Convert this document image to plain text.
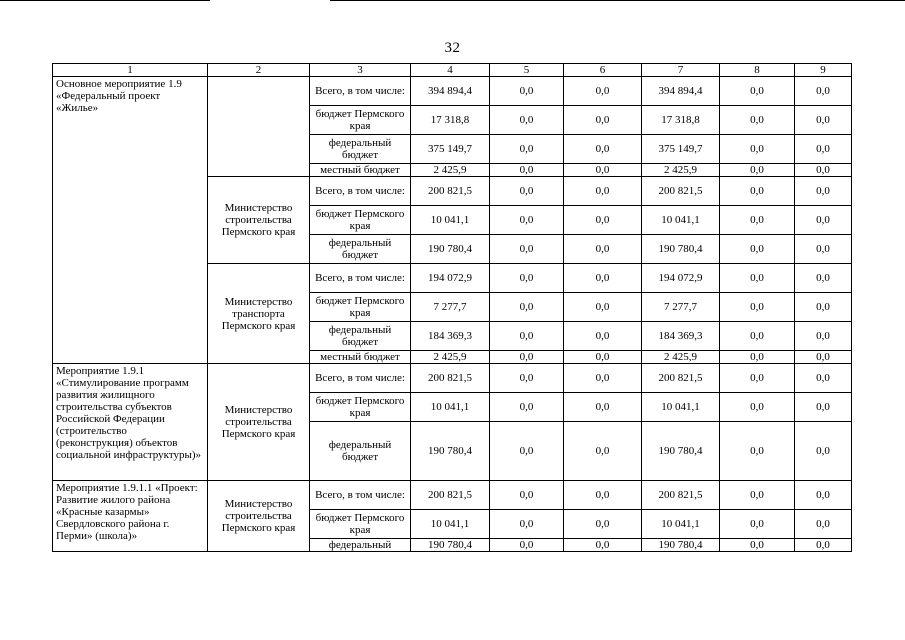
32
1	2	3	4	5	6	7	8	9
Основное мероприятие 1.9 «Федеральный проект «Жилье»		Всего, в том числе:	394 894,4	0,0	0,0	394 894,4	0,0	0,0
		бюджет Пермского края	17 318,8	0,0	0,0	17 318,8	0,0	0,0
		федеральный бюджет	375 149,7	0,0	0,0	375 149,7	0,0	0,0
		местный бюджет	2 425,9	0,0	0,0	2 425,9	0,0	0,0
	Министерство строительства Пермского края	Всего, в том числе:	200 821,5	0,0	0,0	200 821,5	0,0	0,0
		бюджет Пермского края	10 041,1	0,0	0,0	10 041,1	0,0	0,0
		федеральный бюджет	190 780,4	0,0	0,0	190 780,4	0,0	0,0
	Министерство транспорта Пермского края	Всего, в том числе:	194 072,9	0,0	0,0	194 072,9	0,0	0,0
		бюджет Пермского края	7 277,7	0,0	0,0	7 277,7	0,0	0,0
		федеральный бюджет	184 369,3	0,0	0,0	184 369,3	0,0	0,0
		местный бюджет	2 425,9	0,0	0,0	2 425,9	0,0	0,0
Мероприятие 1.9.1 «Стимулирование программ развития жилищного строительства субъектов Российской Федерации (строительство (реконструкция) объектов социальной инфраструктуры)»	Министерство строительства Пермского края	Всего, в том числе:	200 821,5	0,0	0,0	200 821,5	0,0	0,0
		бюджет Пермского края	10 041,1	0,0	0,0	10 041,1	0,0	0,0
		федеральный бюджет	190 780,4	0,0	0,0	190 780,4	0,0	0,0
Мероприятие 1.9.1.1 «Проект: Развитие жилого района «Красные казармы» Свердловского района г. Перми» (школа)»	Министерство строительства Пермского края	Всего, в том числе:	200 821,5	0,0	0,0	200 821,5	0,0	0,0
		бюджет Пермского края	10 041,1	0,0	0,0	10 041,1	0,0	0,0
		федеральный	190 780,4	0,0	0,0	190 780,4	0,0	0,0
